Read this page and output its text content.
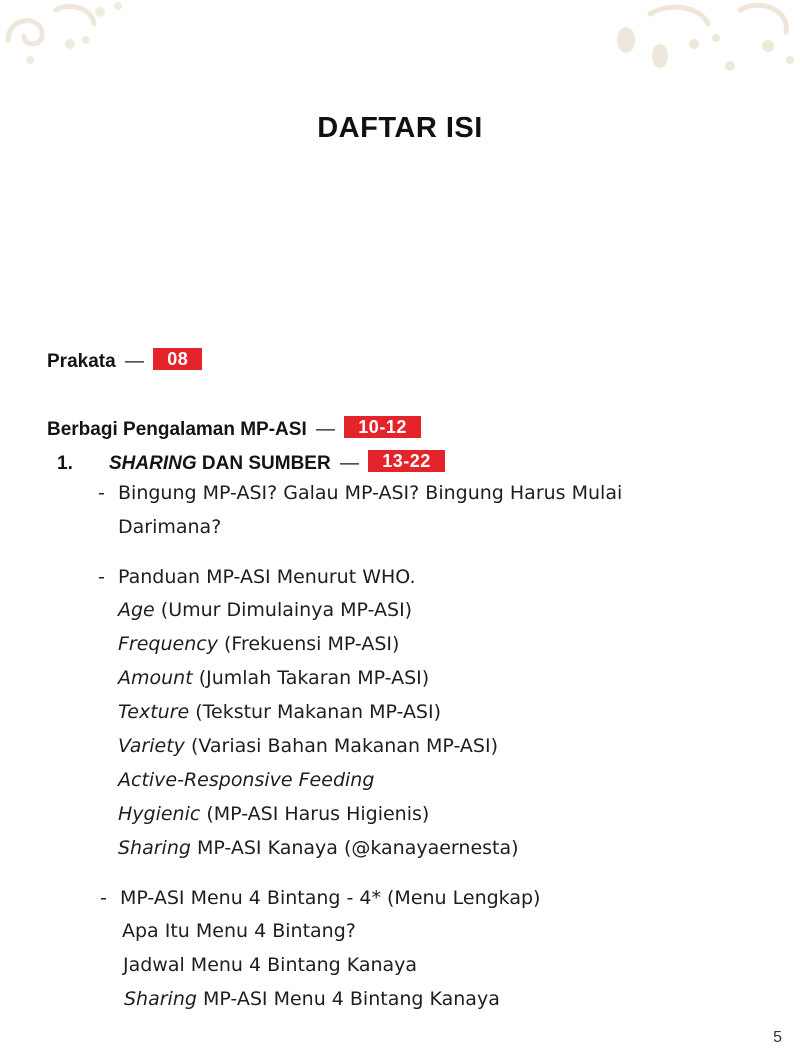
DAFTAR ISI
Prakata — 08
Berbagi Pengalaman MP-ASI — 10-12
1. SHARING DAN SUMBER — 13-22
- Bingung MP-ASI? Galau MP-ASI? Bingung Harus Mulai
Darimana?
- Panduan MP-ASI Menurut WHO.
Age (Umur Dimulainya MP-ASI)
Frequency (Frekuensi MP-ASI)
Amount (Jumlah Takaran MP-ASI)
Texture (Tekstur Makanan MP-ASI)
Variety (Variasi Bahan Makanan MP-ASI)
Active-Responsive Feeding
Hygienic (MP-ASI Harus Higienis)
Sharing MP-ASI Kanaya (@kanayaernesta)
- MP-ASI Menu 4 Bintang - 4* (Menu Lengkap)
Apa Itu Menu 4 Bintang?
Jadwal Menu 4 Bintang Kanaya
Sharing MP-ASI Menu 4 Bintang Kanaya
5
